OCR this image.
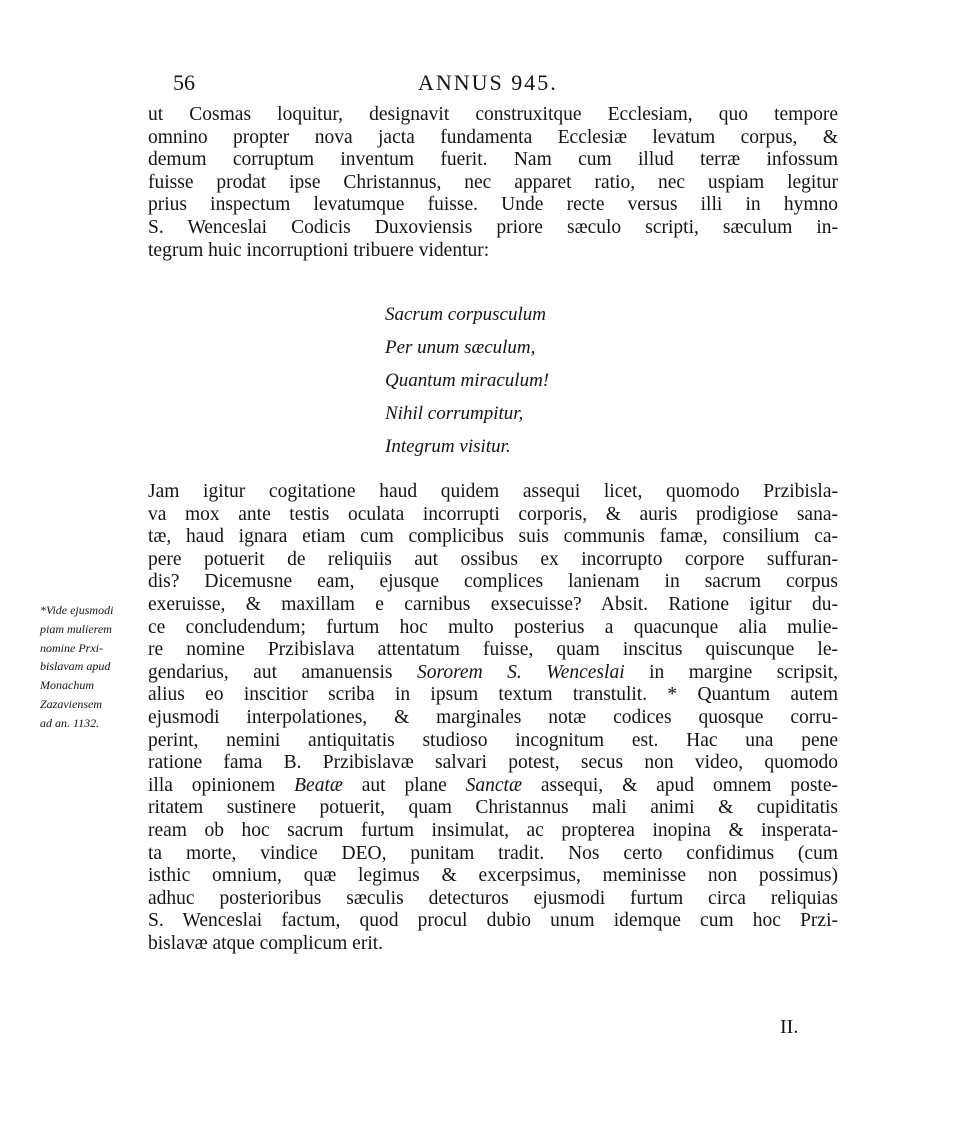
56	ANNUS 945.
ut Cosmas loquitur, designavit construxitque Ecclesiam, quo tempore
omnino propter nova jacta fundamenta Ecclesiæ levatum corpus, &
demum corruptum inventum fuerit. Nam cum illud terræ infossum
fuisse prodat ipse Christannus, nec apparet ratio, nec uspiam legitur
prius inspectum levatumque fuisse. Unde recte versus illi in hymno
S. Wenceslai Codicis Duxoviensis priore sæculo scripti, sæculum in-
tegrum huic incorruptioni tribuere videntur:
Sacrum corpusculum
Per unum sæculum,
Quantum miraculum!
Nihil corrumpitur,
Integrum visitur.
Jam igitur cogitatione haud quidem assequi licet, quomodo Przibisla-
va mox ante testis oculata incorrupti corporis, & auris prodigiose sana-
tæ, haud ignara etiam cum complicibus suis communis famæ, consilium ca-
pere potuerit de reliquiis aut ossibus ex incorrupto corpore suffuran-
dis? Dicemusne eam, ejusque complices lanienam in sacrum corpus
exeruisse, & maxillam e carnibus exsecuisse? Absit. Ratione igitur du-
ce concludendum; furtum hoc multo posterius a quacunque alia mulie-
re nomine Przibislava attentatum fuisse, quam inscitus quiscunque le-
gendarius, aut amanuensis Sororem S. Wenceslai in margine scripsit,
alius eo inscitior scriba in ipsum textum transtulit. * Quantum autem
ejusmodi interpolationes, & marginales notæ codices quosque corru-
perint, nemini antiquitatis studioso incognitum est. Hac una pene
ratione fama B. Przibislavæ salvari potest, secus non video, quomodo
illa opinionem Beatæ aut plane Sanctæ assequi, & apud omnem poste-
ritatem sustinere potuerit, quam Christannus mali animi & cupiditatis
ream ob hoc sacrum furtum insimulat, ac propterea inopina & insperata-
ta morte, vindice DEO, punitam tradit. Nos certo confidimus (cum
isthic omnium, quæ legimus & excerpsimus, meminisse non possimus)
adhuc posterioribus sæculis detecturos ejusmodi furtum circa reliquias
S. Wenceslai factum, quod procul dubio unum idemque cum hoc Przi-
bislavæ atque complicum erit.
*Vide ejusmodi
piam mulierem
nomine Prxi-
bislavam apud
Monachum
Zazaviensem
ad an. 1132.
II.
